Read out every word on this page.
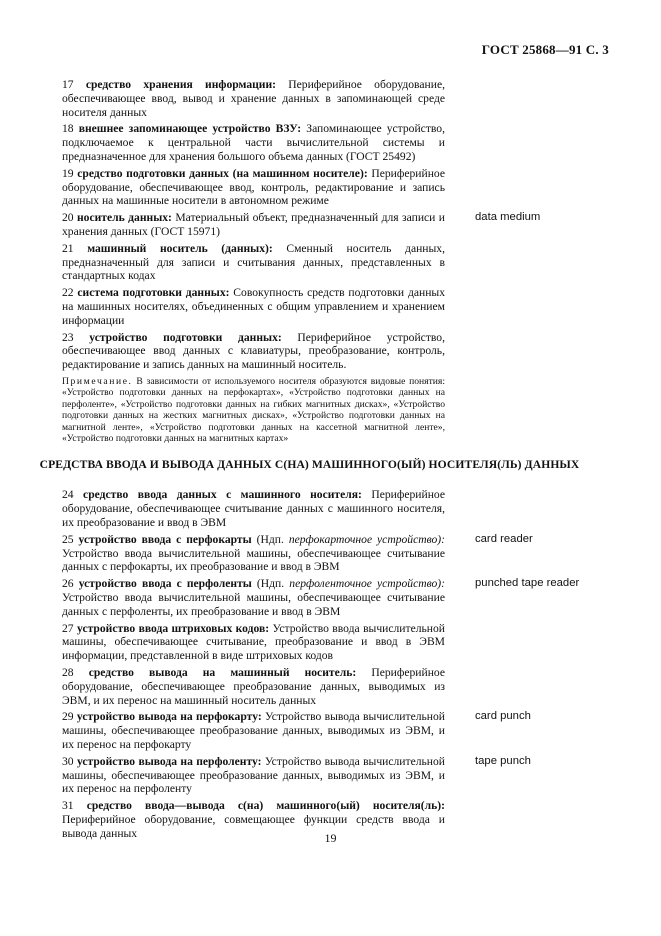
ГОСТ 25868—91 С. 3
17 средство хранения информации: Периферийное оборудование, обеспечивающее ввод, вывод и хранение данных в запоминающей среде носителя данных
18 внешнее запоминающее устройство ВЗУ: Запоминающее устройство, подключаемое к центральной части вычислительной системы и предназначенное для хранения большого объема данных (ГОСТ 25492)
19 средство подготовки данных (на машинном носителе): Периферийное оборудование, обеспечивающее ввод, контроль, редактирование и запись данных на машинные носители в автономном режиме
20 носитель данных: Материальный объект, предназначенный для записи и хранения данных (ГОСТ 15971)
data medium
21 машинный носитель (данных): Сменный носитель данных, предназначенный для записи и считывания данных, представленных в стандартных кодах
22 система подготовки данных: Совокупность средств подготовки данных на машинных носителях, объединенных с общим управлением и хранением информации
23 устройство подготовки данных: Периферийное устройство, обеспечивающее ввод данных с клавиатуры, преобразование, контроль, редактирование и запись данных на машинный носитель.
Примечание. В зависимости от используемого носителя образуются видовые понятия: «Устройство подготовки данных на перфокартах», «Устройство подготовки данных на перфоленте», «Устройство подготовки данных на гибких магнитных дисках», «Устройство подготовки данных на жестких магнитных дисках», «Устройство подготовки данных на магнитной ленте», «Устройство подготовки данных на кассетной магнитной ленте», «Устройство подготовки данных на магнитных картах»
СРЕДСТВА ВВОДА И ВЫВОДА ДАННЫХ С(НА) МАШИННОГО(ЫЙ) НОСИТЕЛЯ(ЛЬ) ДАННЫХ
24 средство ввода данных с машинного носителя: Периферийное оборудование, обеспечивающее считывание данных с машинного носителя, их преобразование и ввод в ЭВМ
25 устройство ввода с перфокарты (Ндп. перфокарточное устройство): Устройство ввода вычислительной машины, обеспечивающее считывание данных с перфокарты, их преобразование и ввод в ЭВМ
card reader
26 устройство ввода с перфоленты (Ндп. перфоленточное устройство): Устройство ввода вычислительной машины, обеспечивающее считывание данных с перфоленты, их преобразование и ввод в ЭВМ
punched tape reader
27 устройство ввода штриховых кодов: Устройство ввода вычислительной машины, обеспечивающее считывание, преобразование и ввод в ЭВМ информации, представленной в виде штриховых кодов
28 средство вывода на машинный носитель: Периферийное оборудование, обеспечивающее преобразование данных, выводимых из ЭВМ, и их перенос на машинный носитель данных
29 устройство вывода на перфокарту: Устройство вывода вычислительной машины, обеспечивающее преобразование данных, выводимых из ЭВМ, и их перенос на перфокарту
card punch
30 устройство вывода на перфоленту: Устройство вывода вычислительной машины, обеспечивающее преобразование данных, выводимых из ЭВМ, и их перенос на перфоленту
tape punch
31 средство ввода—вывода с(на) машинного(ый) носителя(ль): Периферийное оборудование, совмещающее функции средств ввода и вывода данных	19
